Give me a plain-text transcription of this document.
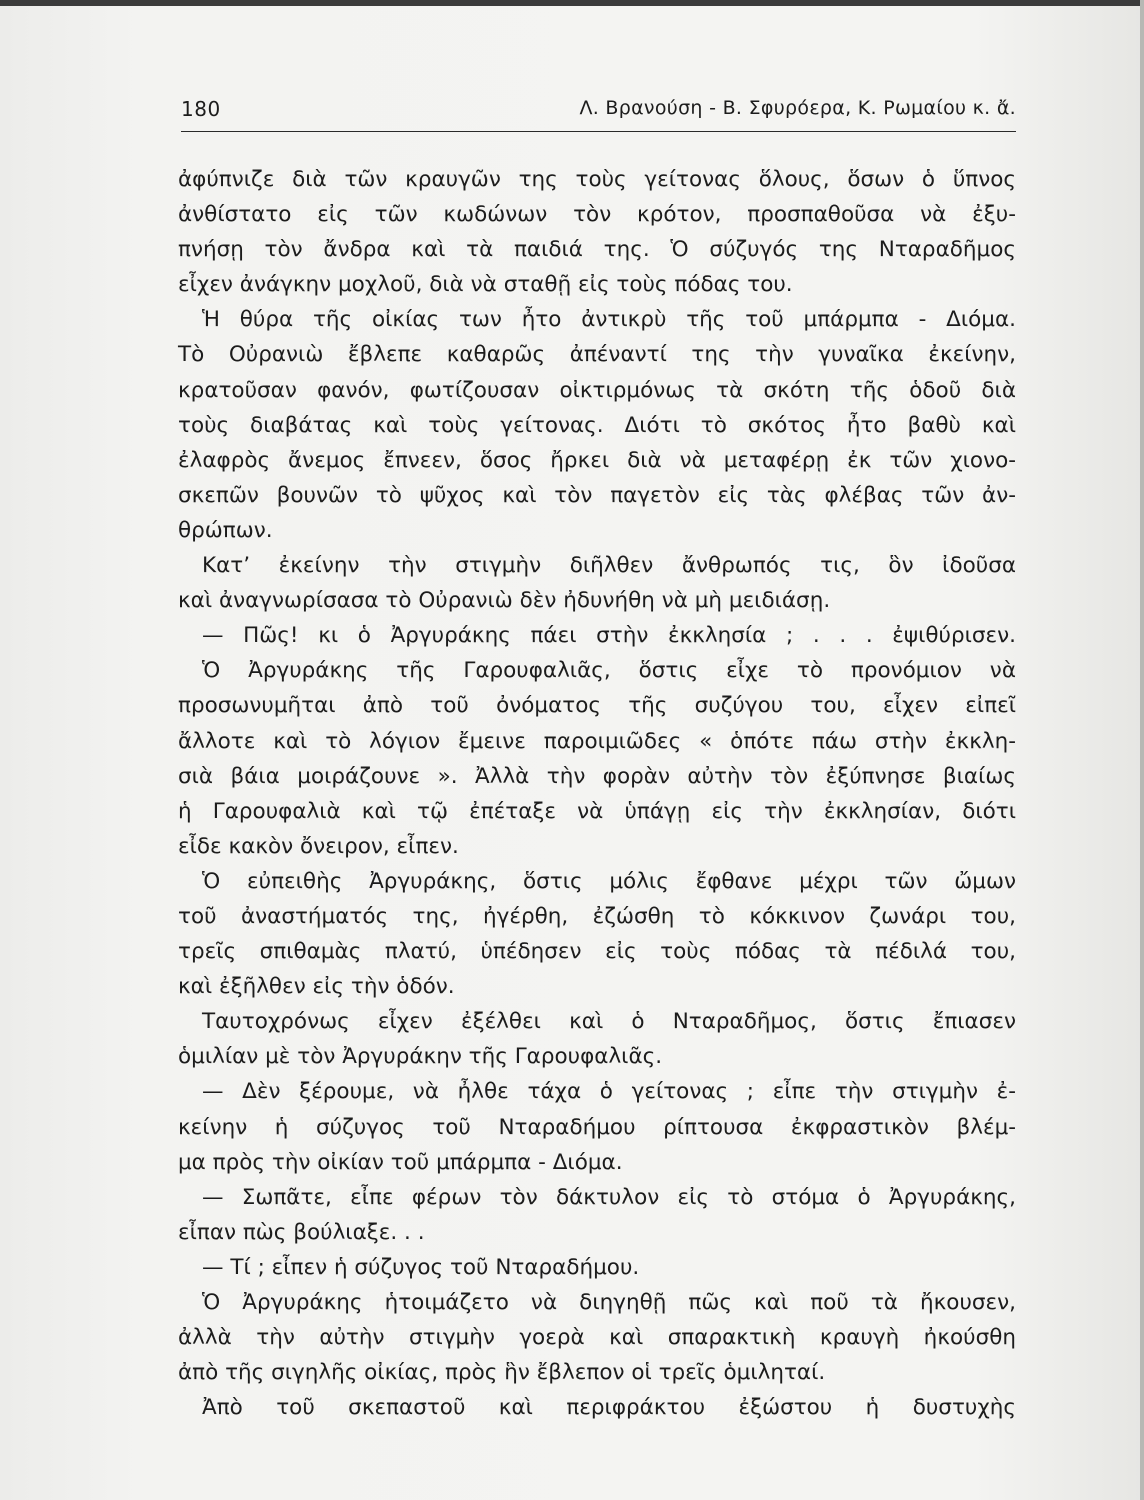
180	Λ. Βρανούση - Β. Σφυρόερα, Κ. Ρωμαίου κ. ἄ.
ἀφύπνιζε διὰ τῶν κραυγῶν της τοὺς γείτονας ὅλους, ὅσων ὁ ὕπνος
ἀνθίστατο εἰς τῶν κωδώνων τὸν κρότον, προσπαθοῦσα νὰ ἐξυ-
πνήσῃ τὸν ἄνδρα καὶ τὰ παιδιά της. Ὁ σύζυγός της Νταραδῆμος
εἶχεν ἀνάγκην μοχλοῦ, διὰ νὰ σταθῇ εἰς τοὺς πόδας του.
Ἡ θύρα τῆς οἰκίας των ἦτο ἀντικρὺ τῆς τοῦ μπάρμπα - Διόμα.
Τὸ Οὐρανιὼ ἔβλεπε καθαρῶς ἀπέναντί της τὴν γυναῖκα ἐκείνην,
κρατοῦσαν φανόν, φωτίζουσαν οἰκτιρμόνως τὰ σκότη τῆς ὁδοῦ διὰ
τοὺς διαβάτας καὶ τοὺς γείτονας. Διότι τὸ σκότος ἦτο βαθὺ καὶ
ἐλαφρὸς ἄνεμος ἔπνεεν, ὅσος ἤρκει διὰ νὰ μεταφέρῃ ἐκ τῶν χιονο-
σκεπῶν βουνῶν τὸ ψῦχος καὶ τὸν παγετὸν εἰς τὰς φλέβας τῶν ἀν-
θρώπων.
Κατ’ ἐκείνην τὴν στιγμὴν διῆλθεν ἄνθρωπός τις, ὃν ἰδοῦσα
καὶ ἀναγνωρίσασα τὸ Οὐρανιὼ δὲν ἠδυνήθη νὰ μὴ μειδιάσῃ.
— Πῶς! κι ὁ Ἀργυράκης πάει στὴν ἐκκλησία ; . . . ἐψιθύρισεν.
Ὁ Ἀργυράκης τῆς Γαρουφαλιᾶς, ὅστις εἶχε τὸ προνόμιον νὰ
προσωνυμῆται ἀπὸ τοῦ ὀνόματος τῆς συζύγου του, εἶχεν εἰπεῖ
ἄλλοτε καὶ τὸ λόγιον ἔμεινε παροιμιῶδες « ὁπότε πάω στὴν ἐκκλη-
σιὰ βάια μοιράζουνε ». Ἀλλὰ τὴν φορὰν αὐτὴν τὸν ἐξύπνησε βιαίως
ἡ Γαρουφαλιὰ καὶ τῷ ἐπέταξε νὰ ὑπάγῃ εἰς τὴν ἐκκλησίαν, διότι
εἶδε κακὸν ὄνειρον, εἶπεν.
Ὁ εὐπειθὴς Ἀργυράκης, ὅστις μόλις ἔφθανε μέχρι τῶν ὤμων
τοῦ ἀναστήματός της, ἠγέρθη, ἐζώσθη τὸ κόκκινον ζωνάρι του,
τρεῖς σπιθαμὰς πλατύ, ὑπέδησεν εἰς τοὺς πόδας τὰ πέδιλά του,
καὶ ἐξῆλθεν εἰς τὴν ὁδόν.
Ταυτοχρόνως εἶχεν ἐξέλθει καὶ ὁ Νταραδῆμος, ὅστις ἔπιασεν
ὁμιλίαν μὲ τὸν Ἀργυράκην τῆς Γαρουφαλιᾶς.
— Δὲν ξέρουμε, νὰ ἦλθε τάχα ὁ γείτονας ; εἶπε τὴν στιγμὴν ἐ-
κείνην ἡ σύζυγος τοῦ Νταραδήμου ρίπτουσα ἐκφραστικὸν βλέμ-
μα πρὸς τὴν οἰκίαν τοῦ μπάρμπα - Διόμα.
— Σωπᾶτε, εἶπε φέρων τὸν δάκτυλον εἰς τὸ στόμα ὁ Ἀργυράκης,
εἶπαν πὼς βούλιαξε. . .
— Τί ; εἶπεν ἡ σύζυγος τοῦ Νταραδήμου.
Ὁ Ἀργυράκης ἡτοιμάζετο νὰ διηγηθῇ πῶς καὶ ποῦ τὰ ἤκουσεν,
ἀλλὰ τὴν αὐτὴν στιγμὴν γοερὰ καὶ σπαρακτικὴ κραυγὴ ἠκούσθη
ἀπὸ τῆς σιγηλῆς οἰκίας, πρὸς ἣν ἔβλεπον οἱ τρεῖς ὁμιληταί.
Ἀπὸ τοῦ σκεπαστοῦ καὶ περιφράκτου ἐξώστου ἡ δυστυχὴς
